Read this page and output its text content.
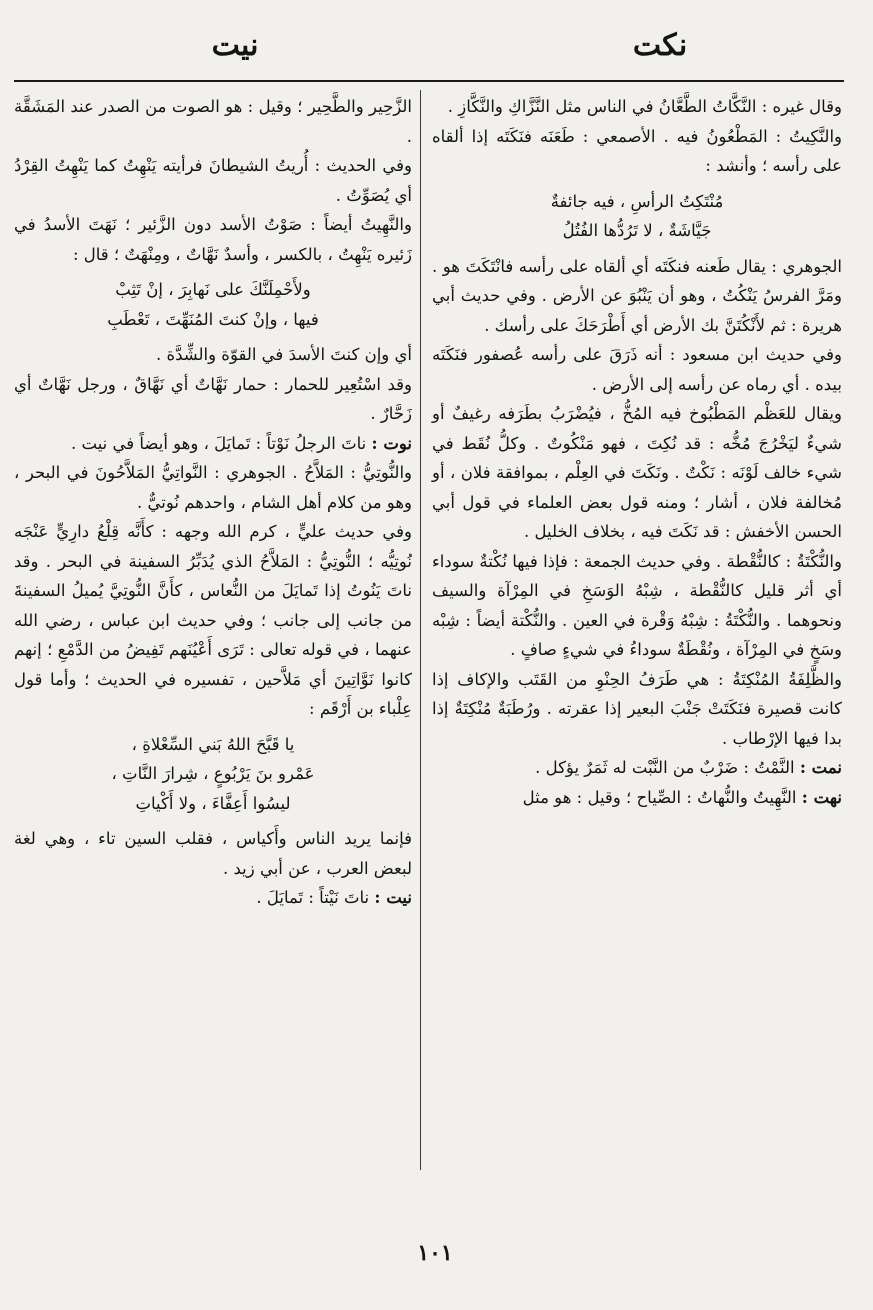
نكت
نيت

وقال غيره : النَّكَّاتُ الطَّعَّانُ في الناس مثل النَّزَّاكِ والنَّكَّازِ .

والنَّكِيتُ : المَطْعُونُ فيه . الأصمعي : طَعَنَه فنَكَتَه إذا ألقاه على رأسه ؛ وأنشد :

مُنْتَكِتُ الرأسِ ، فيه جائفةٌ
جَيَّاشَةٌ ، لا تَرُدُّها الفُتُلُ

الجوهري : يقال طَعنه فنكَتَه أي ألقاه على رأسه فانْتَكَتَ هو . ومَرَّ الفرسُ يَنْكُتُ ، وهو أن يَنْبُوَ عن الأرض . وفي حديث أبي هريرة : ثم لأَنْكُتَنَّ بك الأرض أي أَطْرَحَكَ على رأسك .

وفي حديث ابن مسعود : أنه ذَرَقَ على رأسه عُصفور فنَكَتَه بيده . أي رماه عن رأسه إلى الأرض .

ويقال للعَظْم المَطْبُوخ فيه المُخُّ ، فيُضْرَبُ بطَرَفه رغيفٌ أو شيءٌ ليَخْرُجَ مُخُّه : قد نُكِتَ ، فهو مَنْكُوتٌ . وكلُّ نُقَط في شيء خالف لَوْنَه : نَكْتٌ . ونَكَتَ في العِلْم ، بموافقة فلان ، أو مُخالفة فلان ، أشار ؛ ومنه قول بعض العلماء في قول أبي الحسن الأخفش : قد نَكَتَ فيه ، بخلاف الخليل .

والنُّكْتَةُ : كالنُّقْطة . وفي حديث الجمعة : فإذا فيها نُكْتةٌ سوداء أي أثر قليل كالنُّقْطة ، شِبْهُ الوَسَخِ في المِرْآة والسيف ونحوهما . والنُّكْتَةُ : شِبْهُ وَقْرة في العين . والنُّكْتة أيضاً : شِبْه وسَخٍ في المِرْآة ، ونُقْطَةٌ سوداءُ في شيءٍ صافٍ .

والظَّلِفَةُ المُنْكِتَةُ : هي طَرَفُ الحِنْوِ من القَتَب والإكاف إذا كانت قصيرة فنَكَتَتْ جَنْبَ البعير إذا عقرته . ورُطَبَةٌ مُنْكِتَةٌ إذا بدا فيها الإرْطاب .

نمت : النَّمْتُ : ضَرْبٌ من النَّبْت له ثَمَرٌ يؤكل .

نهت : النَّهِيتُ والنُّهاتُ : الصِّياح ؛ وقيل : هو مثل

الزَّحِير والطَّحِير ؛ وقيل : هو الصوت من الصدر عند المَشَقَّة .

وفي الحديث : أُريتُ الشيطانَ فرأيته يَنْهِتُ كما يَنْهِتُ القِرْدُ أي يُصَوِّتُ .

والنَّهِيتُ أيضاً : صَوْتُ الأسد دون الزَّئير ؛ نَهَتَ الأسدُ في زَئيره يَنْهِتُ ، بالكسر ، وأسدٌ نَهَّاتٌ ، ومِنْهَتٌ ؛ قال :

ولأَحْمِلَنَّكَ على نَهابِرَ ، إنْ تَثِبْ
فيها ، وإنْ كنتَ المُنَهِّتَ ، تَعْطَبِ

أي وإن كنتَ الأسدَ في القوّة والشِّدَّة .

وقد اسْتُعِير للحمار : حمار نَهَّاتٌ أي نَهَّاقٌ ، ورجل نَهَّاتٌ أي زَحَّارٌ .

نوت : ناتَ الرجلُ نَوْتاً : تَمايَلَ ، وهو أيضاً في نيت .

والنُّوتِيُّ : المَلاَّحُ . الجوهري : النَّواتِيُّ المَلاَّحُونَ في البحر ، وهو من كلام أهل الشام ، واحدهم نُوتيٌّ .

وفي حديث عليٍّ ، كرم الله وجهه : كأَنَّه قِلْعُ دارِيٍّ عَنْجَه نُوتِيُّه ؛ النُّوتِيُّ : المَلاَّحُ الذي يُدَبِّرُ السفينة في البحر . وقد ناتَ يَنُوتُ إذا تَمايَلَ من النُّعاس ، كأَنَّ النُّوتِيَّ يُميلُ السفينةَ من جانب إلى جانب ؛ وفي حديث ابن عباس ، رضي الله عنهما ، في قوله تعالى : تَرَى أَعْيُنَهم تَفِيضُ من الدَّمْعِ ؛ إنهم كانوا نَوَّاتِينَ أي مَلاَّحين ، تفسيره في الحديث ؛ وأما قول عِلْباء بن أَرْقَم :

يا قَبَّحَ اللهُ بَني السِّعْلاةِ ،
عَمْرو بنَ يَرْبُوعٍ ، شِرارَ النَّاتِ ،
ليسُوا أَعِفَّاءَ ، ولا أَكْياتِ

فإنما يريد الناس وأَكياس ، فقلب السين تاء ، وهي لغة لبعض العرب ، عن أبي زيد .

نيت : ناتَ نَيْتاً : تَمايَلَ .

١٠١
